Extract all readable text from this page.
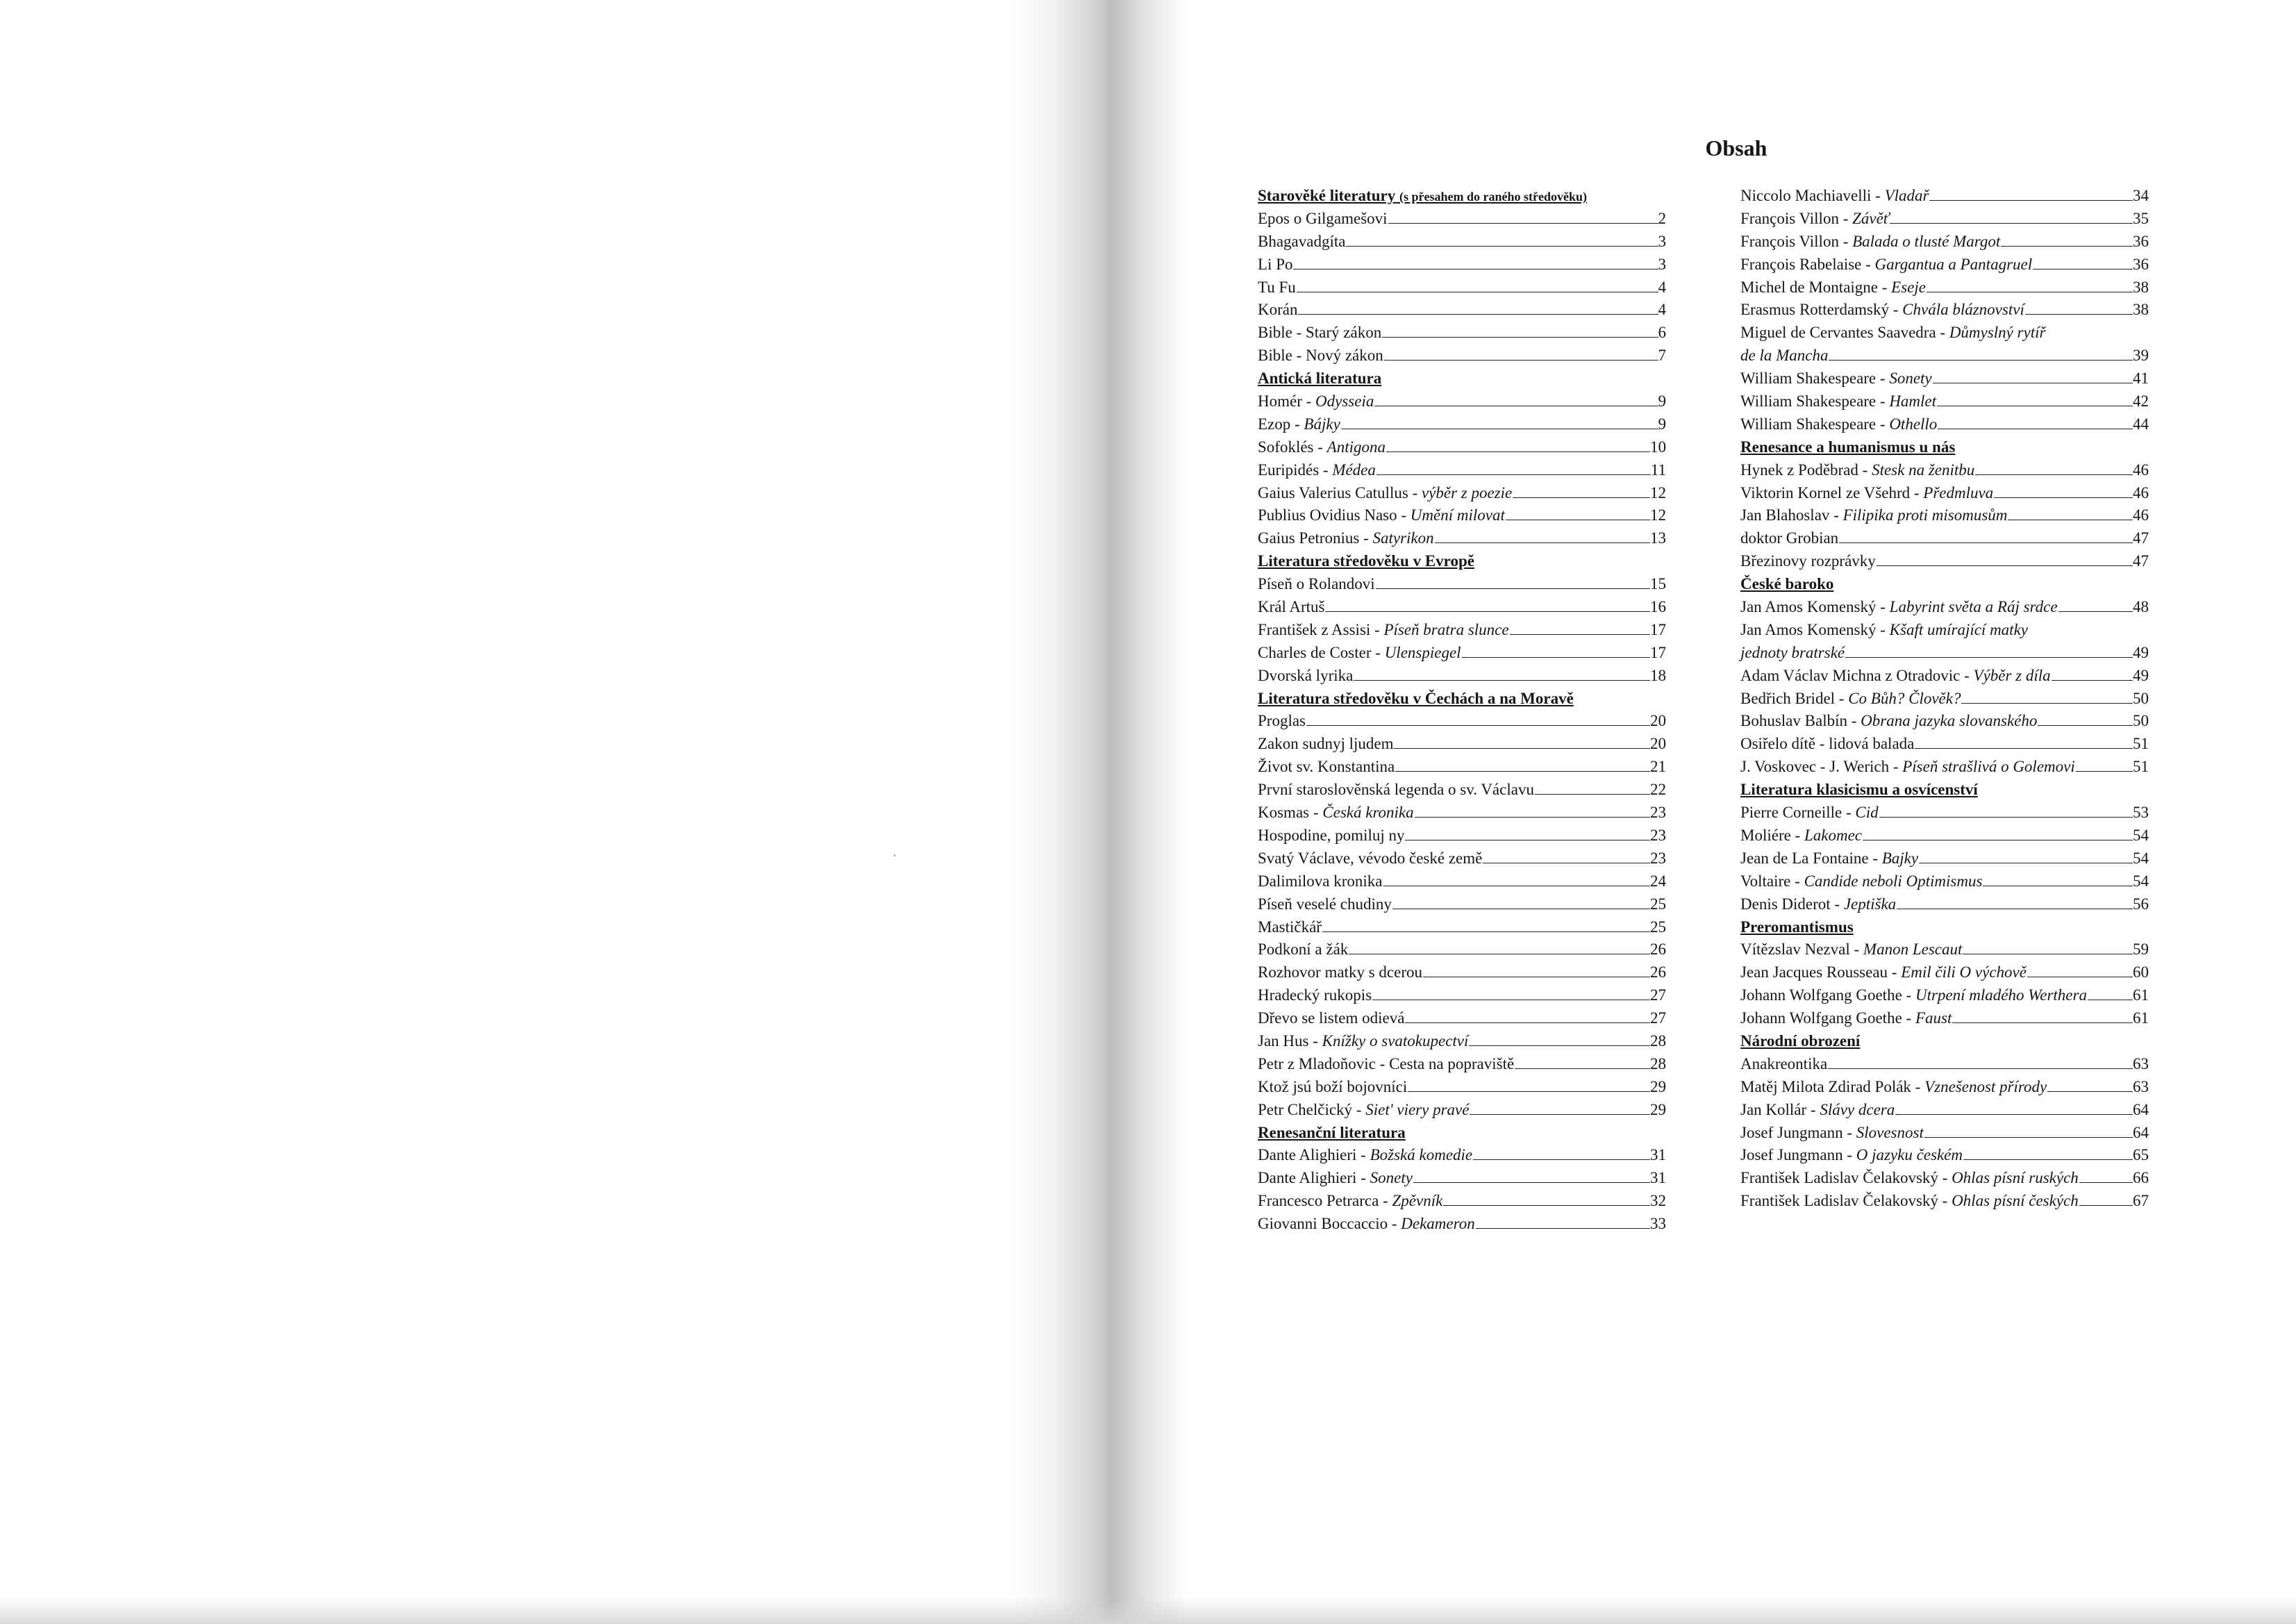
Obsah
Starověké literatury (s přesahem do raného středověku)
Epos o Gilgamešovi	2
Bhagavadgíta	3
Li Po	3
Tu Fu	4
Korán	4
Bible - Starý zákon	6
Bible - Nový zákon	7
Antická literatura
Homér - Odysseia	9
Ezop - Bájky	9
Sofoklés - Antigona	10
Euripidés - Médea	11
Gaius Valerius Catullus - výběr z poezie	12
Publius Ovidius Naso - Umění milovat	12
Gaius Petronius - Satyrikon	13
Literatura středověku v Evropě
Píseň o Rolandovi	15
Král Artuš	16
František z Assisi - Píseň bratra slunce	17
Charles de Coster - Ulenspiegel	17
Dvorská lyrika	18
Literatura středověku v Čechách a na Moravě
Proglas	20
Zakon sudnyj ljudem	20
Život sv. Konstantina	21
První staroslověnská legenda o sv. Václavu	22
Kosmas - Česká kronika	23
Hospodine, pomiluj ny	23
Svatý Václave, vévodo české země	23
Dalimilova kronika	24
Píseň veselé chudiny	25
Mastičkář	25
Podkoní a žák	26
Rozhovor matky s dcerou	26
Hradecký rukopis	27
Dřevo se listem odievá	27
Jan Hus - Knížky o svatokupectví	28
Petr z Mladoňovic - Cesta na popraviště	28
Ktož jsú boží bojovníci	29
Petr Chelčický - Siet' viery pravé	29
Renesanční literatura
Dante Alighieri - Božská komedie	31
Dante Alighieri - Sonety	31
Francesco Petrarca - Zpěvník	32
Giovanni Boccaccio - Dekameron	33
Niccolo Machiavelli - Vladař	34
François Villon - Závěť	35
François Villon - Balada o tlusté Margot	36
François Rabelaise - Gargantua a Pantagruel	36
Michel de Montaigne - Eseje	38
Erasmus Rotterdamský - Chvála bláznovství	38
Miguel de Cervantes Saavedra - Důmyslný rytíř
de la Mancha	39
William Shakespeare - Sonety	41
William Shakespeare - Hamlet	42
William Shakespeare - Othello	44
Renesance a humanismus u nás
Hynek z Poděbrad - Stesk na ženitbu	46
Viktorin Kornel ze Všehrd - Předmluva	46
Jan Blahoslav - Filipika proti misomusům	46
doktor Grobian	47
Březinovy rozprávky	47
České baroko
Jan Amos Komenský - Labyrint světa a Ráj srdce	48
Jan Amos Komenský - Kšaft umírající matky
jednoty bratrské	49
Adam Václav Michna z Otradovic - Výběr z díla	49
Bedřich Bridel - Co Bůh? Člověk?	50
Bohuslav Balbín - Obrana jazyka slovanského	50
Osiřelo dítě - lidová balada	51
J. Voskovec - J. Werich - Píseň strašlivá o Golemovi	51
Literatura klasicismu a osvícenství
Pierre Corneille - Cid	53
Moliére - Lakomec	54
Jean de La Fontaine - Bajky	54
Voltaire - Candide neboli Optimismus	54
Denis Diderot - Jeptiška	56
Preromantismus
Vítězslav Nezval - Manon Lescaut	59
Jean Jacques Rousseau - Emil čili O výchově	60
Johann Wolfgang Goethe - Utrpení mladého Werthera	61
Johann Wolfgang Goethe - Faust	61
Národní obrození
Anakreontika	63
Matěj Milota Zdirad Polák - Vznešenost přírody	63
Jan Kollár - Slávy dcera	64
Josef Jungmann - Slovesnost	64
Josef Jungmann - O jazyku českém	65
František Ladislav Čelakovský - Ohlas písní ruských	66
František Ladislav Čelakovský - Ohlas písní českých	67
